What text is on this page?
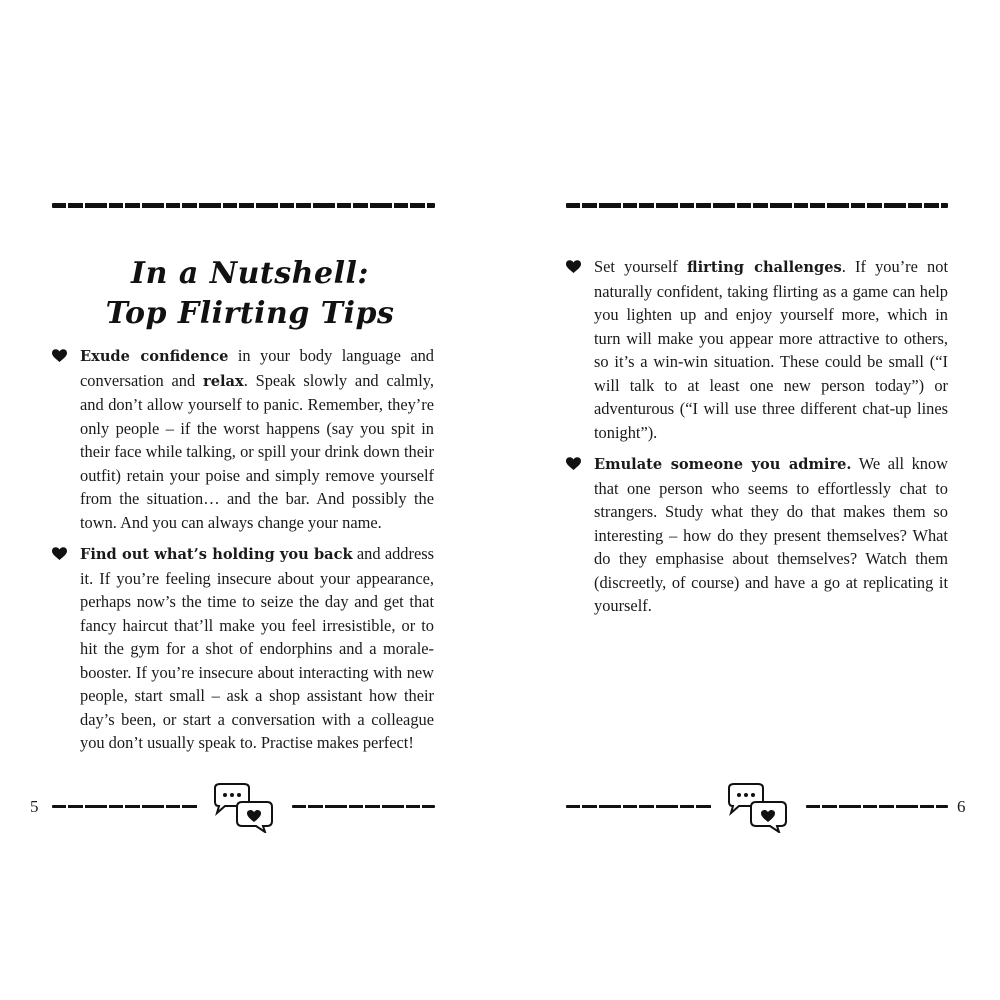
In a Nutshell:
Top Flirting Tips
Exude confidence in your body language and conversation and relax. Speak slowly and calmly, and don’t allow yourself to panic. Remember, they’re only people – if the worst happens (say you spit in their face while talking, or spill your drink down their outfit) retain your poise and simply remove yourself from the situation… and the bar. And possibly the town. And you can always change your name.
Find out what’s holding you back and address it. If you’re feeling insecure about your appearance, perhaps now’s the time to seize the day and get that fancy haircut that’ll make you feel irresistible, or to hit the gym for a shot of endorphins and a morale-booster. If you’re insecure about interacting with new people, start small – ask a shop assistant how their day’s been, or start a conversation with a colleague you don’t usually speak to. Practise makes perfect!
5
Set yourself flirting challenges. If you’re not naturally confident, taking flirting as a game can help you lighten up and enjoy yourself more, which in turn will make you appear more attractive to others, so it’s a win-win situation. These could be small (“I will talk to at least one new person today”) or adventurous (“I will use three different chat-up lines tonight”).
Emulate someone you admire. We all know that one person who seems to effortlessly chat to strangers. Study what they do that makes them so interesting – how do they present themselves? What do they emphasise about themselves? Watch them (discreetly, of course) and have a go at replicating it yourself.
6
